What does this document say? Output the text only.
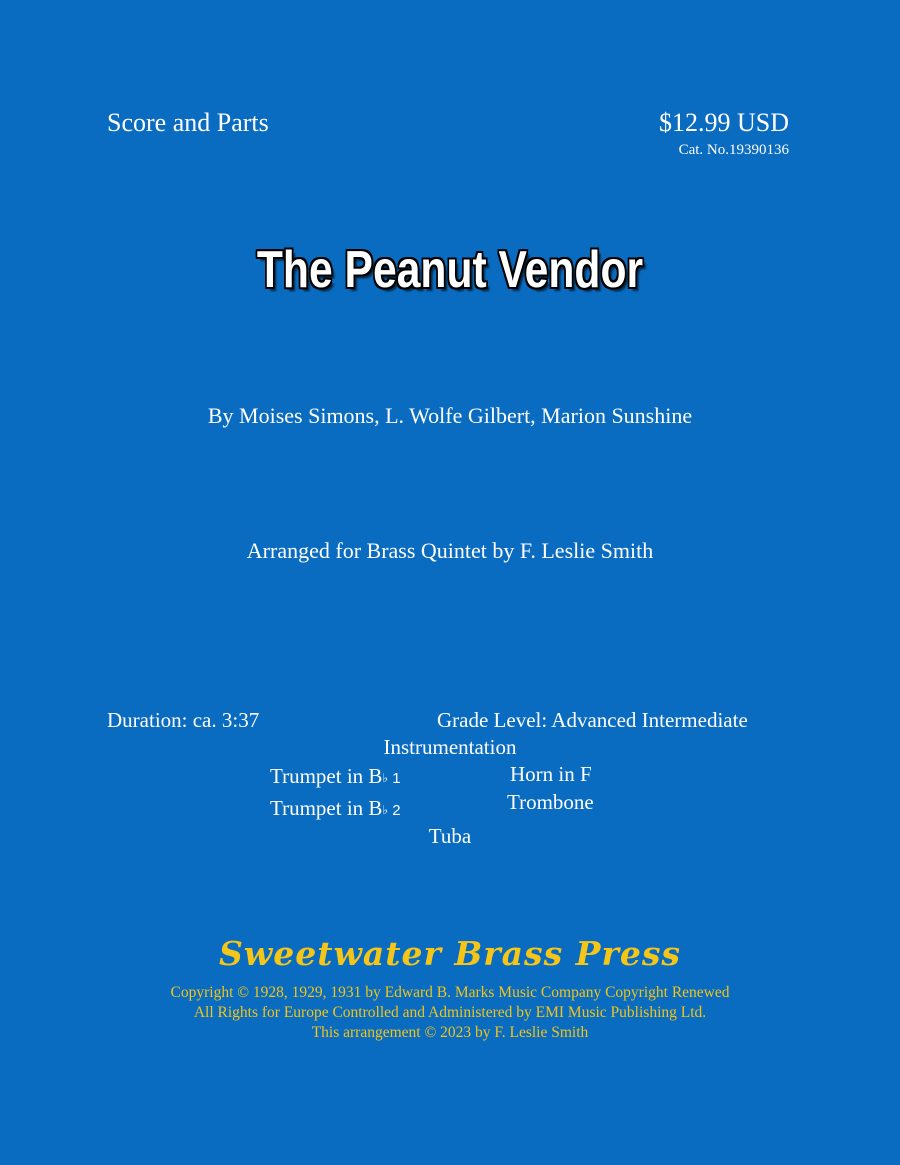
Score and Parts	$12.99 USD
Cat. No.19390136
The Peanut Vendor
By Moises Simons, L. Wolfe Gilbert, Marion Sunshine
Arranged for Brass Quintet by F. Leslie Smith
Duration: ca. 3:37	Grade Level: Advanced Intermediate
Instrumentation
Trumpet in B♭ 1
Trumpet in B♭ 2
Horn in F
Trombone
Tuba
Sweetwater Brass Press
Copyright © 1928, 1929, 1931 by Edward B. Marks Music Company Copyright Renewed
All Rights for Europe Controlled and Administered by EMI Music Publishing Ltd.
This arrangement © 2023 by F. Leslie Smith
